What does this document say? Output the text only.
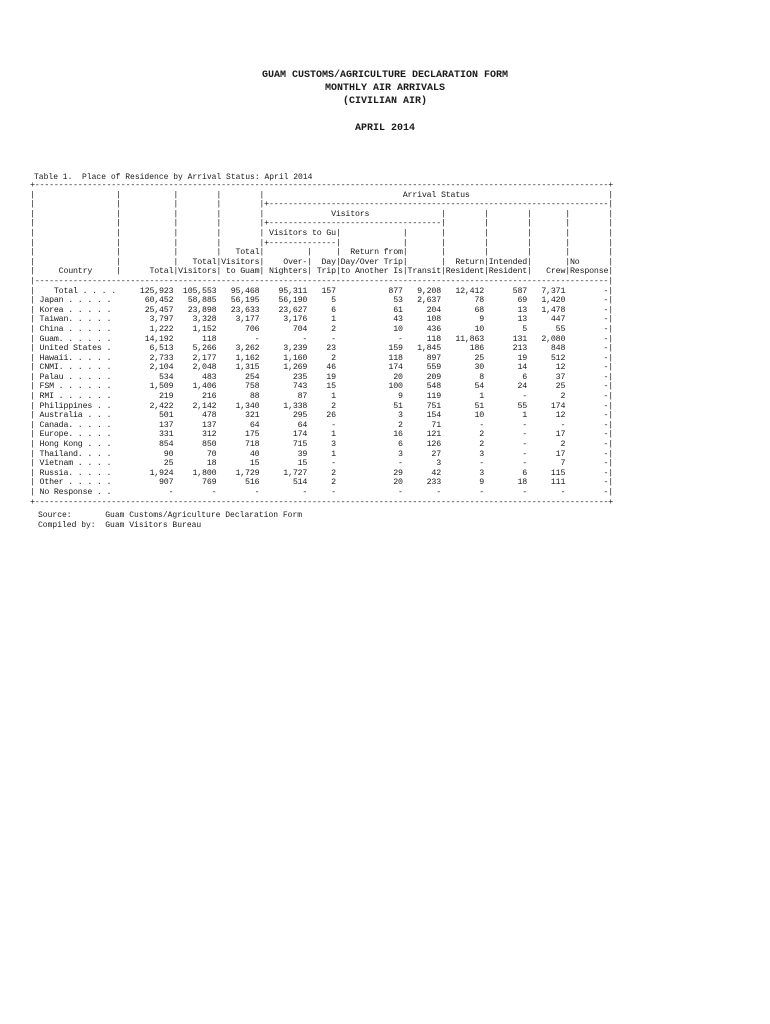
GUAM CUSTOMS/AGRICULTURE DECLARATION FORM
MONTHLY AIR ARRIVALS
(CIVILIAN AIR)
APRIL 2014
Table 1.  Place of Residence by Arrival Status: April 2014
+------------------------------------------------------------------------------------------------------------------------+
|                 |           |        |        |                             Arrival Status                             |
|                 |           |        |        |+-----------------------------------------------------------------------|
|                 |           |        |        |              Visitors               |        |        |       |        |
|                 |           |        |        |+------------------------------------|        |        |       |        |
|                 |           |        |        | Visitors to Gu|             |       |        |        |       |        |
|                 |           |        |        |+--------------|             |       |        |        |       |        |
|                 |           |        |   Total|         |     |  Return from|       |        |        |       |        |
|                 |           |   Total|Visitors|    Over-|  Day|Day/Over Trip|       |  Return|Intended|       |No      |
|     Country     |      Total|Visitors| to Guam| Nighters| Trip|to Another Is|Transit|Resident|Resident|   Crew|Response|
|------------------------------------------------------------------------------------------------------------------------|
|    Total . . . .     125,923  105,553   95,468    95,311   157           877   9,208   12,412      587   7,371        -|
| Japan . . . . .       60,452   58,885   56,195    56,190     5            53   2,637       78       69   1,420        -|
| Korea . . . . .       25,457   23,898   23,633    23,627     6            61     204       68       13   1,478        -|
| Taiwan. . . . .        3,797    3,328    3,177     3,176     1            43     108        9       13     447        -|
| China . . . . .        1,222    1,152      706       704     2            10     436       10        5      55        -|
| Guam. . . . . .       14,192      118        -         -     -             -     118   11,863      131   2,080        -|
| United States .        6,513    5,266    3,262     3,239    23           159   1,845      186      213     848        -|
| Hawaii. . . . .        2,733    2,177    1,162     1,160     2           118     897       25       19     512        -|
| CNMI. . . . . .        2,104    2,048    1,315     1,269    46           174     559       30       14      12        -|
| Palau . . . . .          534      483      254       235    19            20     209        8        6      37        -|
| FSM . . . . . .        1,509    1,406      758       743    15           100     548       54       24      25        -|
| RMI . . . . . .          219      216       88        87     1             9     119        1        -       2        -|
| Philippines . .        2,422    2,142    1,340     1,338     2            51     751       51       55     174        -|
| Australia . . .          501      478      321       295    26             3     154       10        1      12        -|
| Canada. . . . .          137      137       64        64     -             2      71        -        -       -        -|
| Europe. . . . .          331      312      175       174     1            16     121        2        -      17        -|
| Hong Kong . . .          854      850      718       715     3             6     126        2        -       2        -|
| Thailand. . . .           90       70       40        39     1             3      27        3        -      17        -|
| Vietnam . . . .           25       18       15        15     -             -       3        -        -       7        -|
| Russia. . . . .        1,924    1,800    1,729     1,727     2            29      42        3        6     115        -|
| Other . . . . .          907      769      516       514     2            20     233        9       18     111        -|
| No Response . .            -        -        -         -     -             -       -        -        -       -        -|
+------------------------------------------------------------------------------------------------------------------------+
Source:	Guam Customs/Agriculture Declaration Form
Compiled by: Guam Visitors Bureau
